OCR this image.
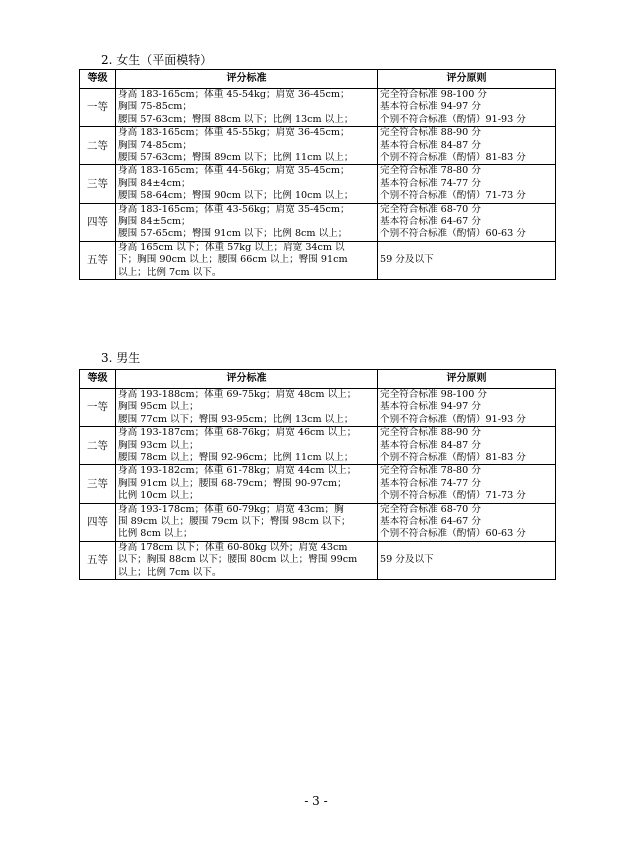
2. 女生（平面模特）
等级	评分标准	评分原则
一等	身高 183-165cm；体重 45-54kg；肩宽 36-45cm；
胸围 75-85cm；
腰围 57-63cm；臀围 88cm 以下；比例 13cm 以上；	完全符合标准 98-100 分
基本符合标准 94-97 分
个别不符合标准（酌情）91-93 分

二等	身高 183-165cm；体重 45-55kg；肩宽 36-45cm；
胸围 74-85cm；
腰围 57-63cm；臀围 89cm 以下；比例 11cm 以上；	完全符合标准 88-90 分
基本符合标准 84-87 分
个别不符合标准（酌情）81-83 分

三等	身高 183-165cm；体重 44-56kg；肩宽 35-45cm；
胸围 84±4cm；
腰围 58-64cm；臀围 90cm 以下；比例 10cm 以上；	完全符合标准 78-80 分
基本符合标准 74-77 分
个别不符合标准（酌情）71-73 分

四等	身高 183-165cm；体重 43-56kg；肩宽 35-45cm；
胸围 84±5cm；
腰围 57-65cm；臀围 91cm 以下；比例 8cm 以上；	完全符合标准 68-70 分
基本符合标准 64-67 分
个别不符合标准（酌情）60-63 分

五等	身高 165cm 以下；体重 57kg 以上；肩宽 34cm 以
下；胸围 90cm 以上；腰围 66cm 以上；臀围 91cm
以上；比例 7cm 以下。	59 分及以下
3. 男生
等级	评分标准	评分原则
一等	身高 193-188cm；体重 69-75kg；肩宽 48cm 以上；
胸围 95cm 以上；
腰围 77cm 以下；臀围 93-95cm；比例 13cm 以上；	完全符合标准 98-100 分
基本符合标准 94-97 分
个别不符合标准（酌情）91-93 分

二等	身高 193-187cm；体重 68-76kg；肩宽 46cm 以上；
胸围 93cm 以上；
腰围 78cm 以上；臀围 92-96cm；比例 11cm 以上；	完全符合标准 88-90 分
基本符合标准 84-87 分
个别不符合标准（酌情）81-83 分

三等	身高 193-182cm；体重 61-78kg；肩宽 44cm 以上；
胸围 91cm 以上；腰围 68-79cm；臀围 90-97cm；
比例 10cm 以上；	完全符合标准 78-80 分
基本符合标准 74-77 分
个别不符合标准（酌情）71-73 分

四等	身高 193-178cm；体重 60-79kg；肩宽 43cm；胸
围 89cm 以上；腰围 79cm 以下；臀围 98cm 以下；
比例 8cm 以上；	完全符合标准 68-70 分
基本符合标准 64-67 分
个别不符合标准（酌情）60-63 分

五等	身高 178cm 以下；体重 60-80kg 以外；肩宽 43cm
以下；胸围 88cm 以下；腰围 80cm 以上；臀围 99cm
以上；比例 7cm 以下。	59 分及以下
- 3 -
